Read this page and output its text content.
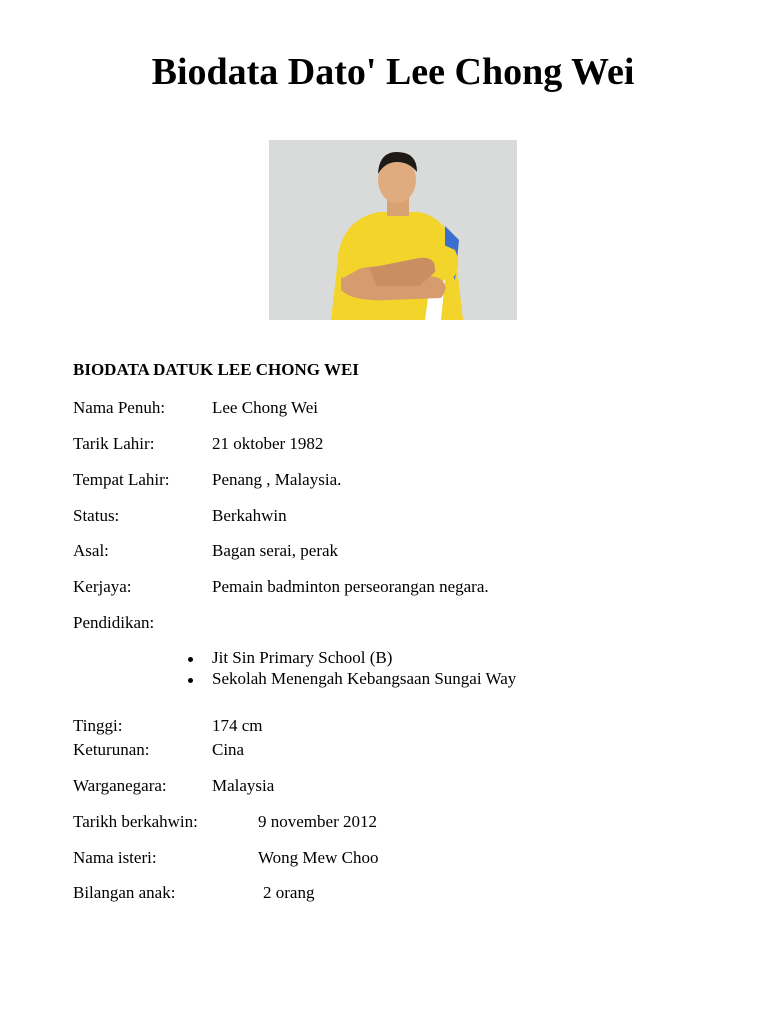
Biodata Dato' Lee Chong Wei
BIODATA DATUK LEE CHONG WEI
Nama Penuh:	Lee Chong Wei
Tarik Lahir:	21 oktober 1982
Tempat Lahir: Penang , Malaysia.
Status:	Berkahwin
Asal:	Bagan serai, perak
Kerjaya:	Pemain badminton perseorangan negara.
Pendidikan:
Jit Sin Primary School (B)
Sekolah Menengah Kebangsaan Sungai Way
Tinggi:	174 cm
Keturunan:	Cina
Warganegara:	Malaysia
Tarikh berkahwin:	9 november 2012
Nama isteri:	Wong Mew Choo
Bilangan anak:	2 orang
